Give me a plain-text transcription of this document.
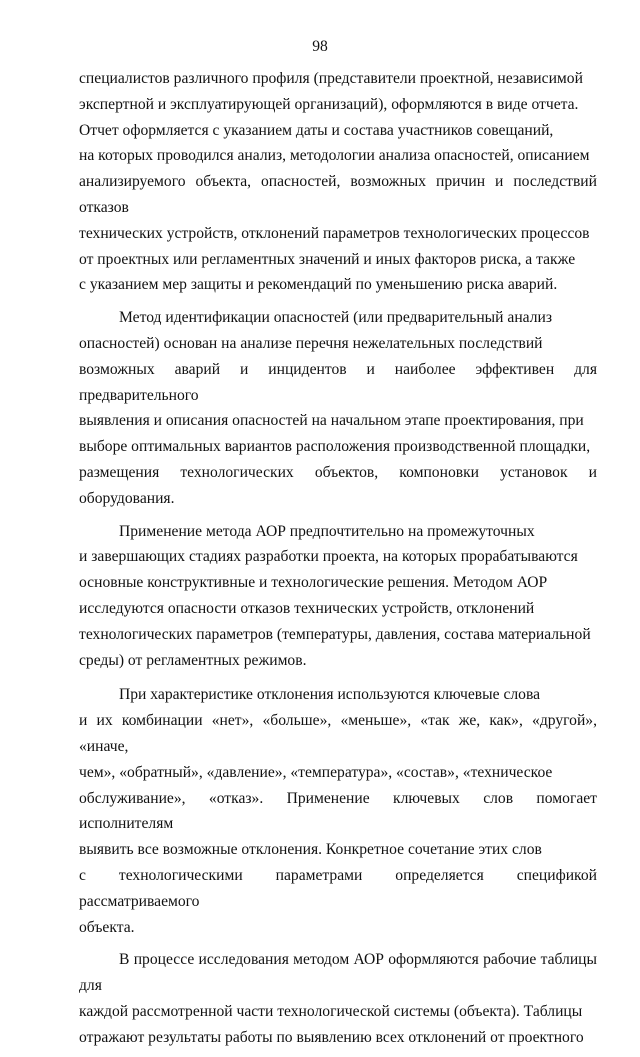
98

специалистов различного профиля (представители проектной, независимой
экспертной и эксплуатирующей организаций), оформляются в виде отчета.
Отчет оформляется с указанием даты и состава участников совещаний,
на которых проводился анализ, методологии анализа опасностей, описанием
анализируемого объекта, опасностей, возможных причин и последствий отказов
технических устройств, отклонений параметров технологических процессов
от проектных или регламентных значений и иных факторов риска, а также
с указанием мер защиты и рекомендаций по уменьшению риска аварий.

Метод идентификации опасностей (или предварительный анализ
опасностей) основан на анализе перечня нежелательных последствий
возможных аварий и инцидентов и наиболее эффективен для предварительного
выявления и описания опасностей на начальном этапе проектирования, при
выборе оптимальных вариантов расположения производственной площадки,
размещения технологических объектов, компоновки установок и оборудования.

Применение метода АОР предпочтительно на промежуточных
и завершающих стадиях разработки проекта, на которых прорабатываются
основные конструктивные и технологические решения. Методом АОР
исследуются опасности отказов технических устройств, отклонений
технологических параметров (температуры, давления, состава материальной
среды) от регламентных режимов.

При характеристике отклонения используются ключевые слова
и их комбинации «нет», «больше», «меньше», «так же, как», «другой», «иначе,
чем», «обратный», «давление», «температура», «состав», «техническое
обслуживание», «отказ». Применение ключевых слов помогает исполнителям
выявить все возможные отклонения. Конкретное сочетание этих слов
с технологическими параметрами определяется спецификой рассматриваемого
объекта.

В процессе исследования методом АОР оформляются рабочие таблицы для
каждой рассмотренной части технологической системы (объекта). Таблицы
отражают результаты работы по выявлению всех отклонений от проектного
